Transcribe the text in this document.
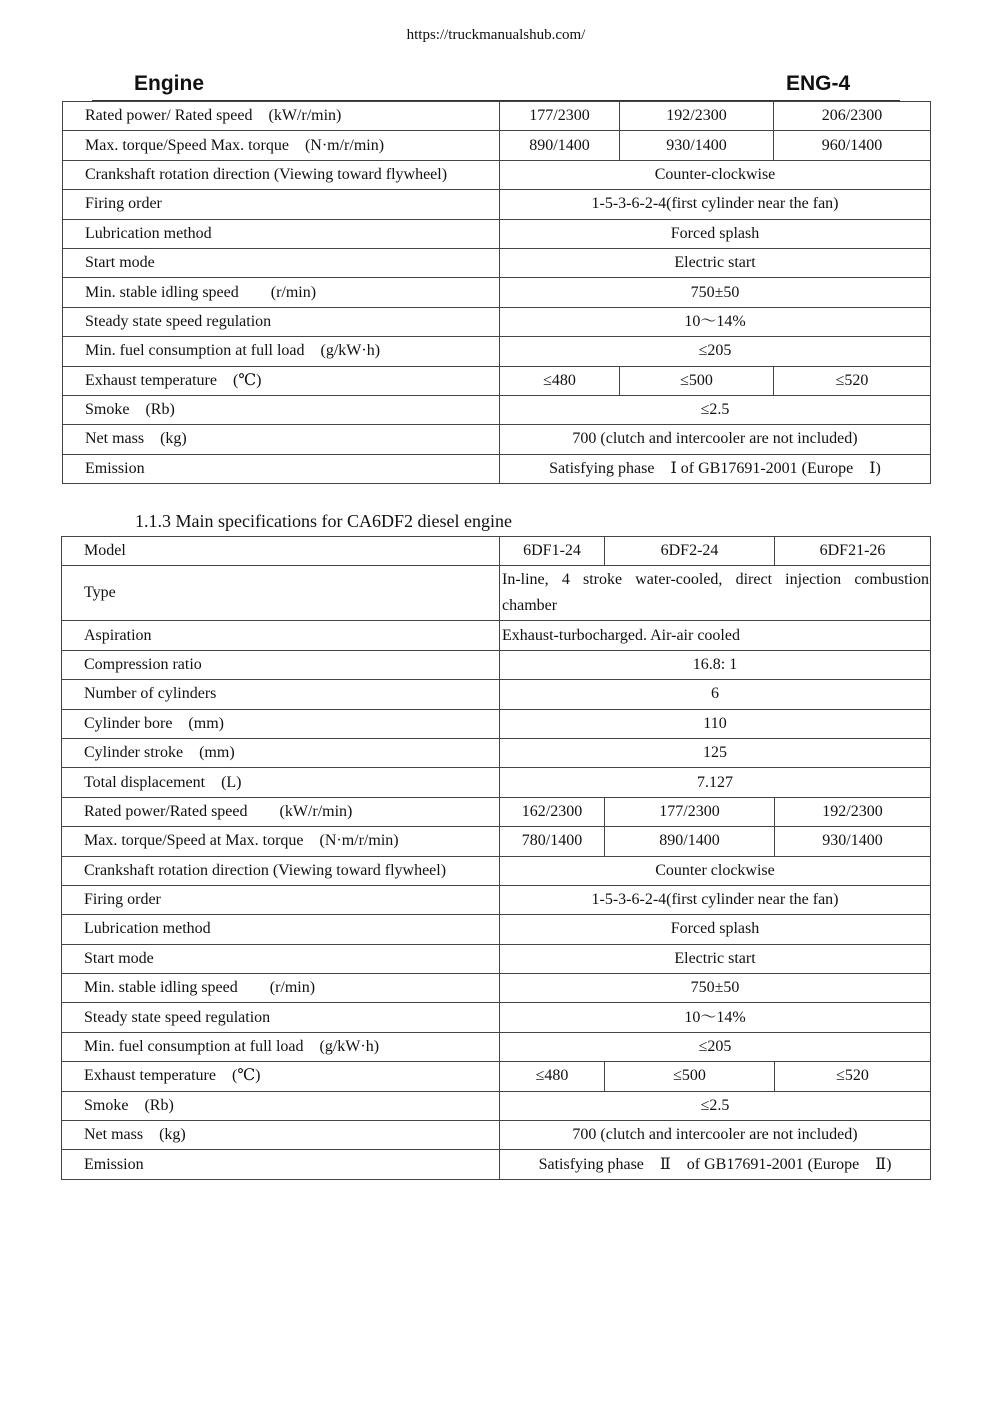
https://truckmanualshub.com/
Engine	ENG-4
Rated power/ Rated speed　(kW/r/min)	177/2300	192/2300	206/2300
Max. torque/Speed Max. torque　(N·m/r/min)	890/1400	930/1400	960/1400
Crankshaft rotation direction (Viewing toward flywheel)	Counter-clockwise		
Firing order	1-5-3-6-2-4(first cylinder near the fan)		
Lubrication method	Forced splash		
Start mode	Electric start		
Min. stable idling speed　　(r/min)	750±50		
Steady state speed regulation	10～14%		
Min. fuel consumption at full load　(g/kW·h)	≤205		
Exhaust temperature　(℃)	≤480	≤500	≤520
Smoke　(Rb)	≤2.5		
Net mass　(kg)	700 (clutch and intercooler are not included)		
Emission	Satisfying phase　Ⅰ of GB17691-2001 (Europe　Ⅰ)		
1.1.3 Main specifications for CA6DF2 diesel engine
Model	6DF1-24	6DF2-24	6DF21-26
Type	In-line, 4 stroke water-cooled, direct injection combustion chamber		
Aspiration	Exhaust-turbocharged. Air-air cooled		
Compression ratio	16.8: 1		
Number of cylinders	6		
Cylinder bore　(mm)	110		
Cylinder stroke　(mm)	125		
Total displacement　(L)	7.127		
Rated power/Rated speed　　(kW/r/min)	162/2300	177/2300	192/2300
Max. torque/Speed at Max. torque　(N·m/r/min)	780/1400	890/1400	930/1400
Crankshaft rotation direction (Viewing toward flywheel)	Counter clockwise		
Firing order	1-5-3-6-2-4(first cylinder near the fan)		
Lubrication method	Forced splash		
Start mode	Electric start		
Min. stable idling speed　　(r/min)	750±50		
Steady state speed regulation	10～14%		
Min. fuel consumption at full load　(g/kW·h)	≤205		
Exhaust temperature　(℃)	≤480	≤500	≤520
Smoke　(Rb)	≤2.5		
Net mass　(kg)	700 (clutch and intercooler are not included)		
Emission	Satisfying phase　Ⅱ　of GB17691-2001 (Europe　Ⅱ)		
